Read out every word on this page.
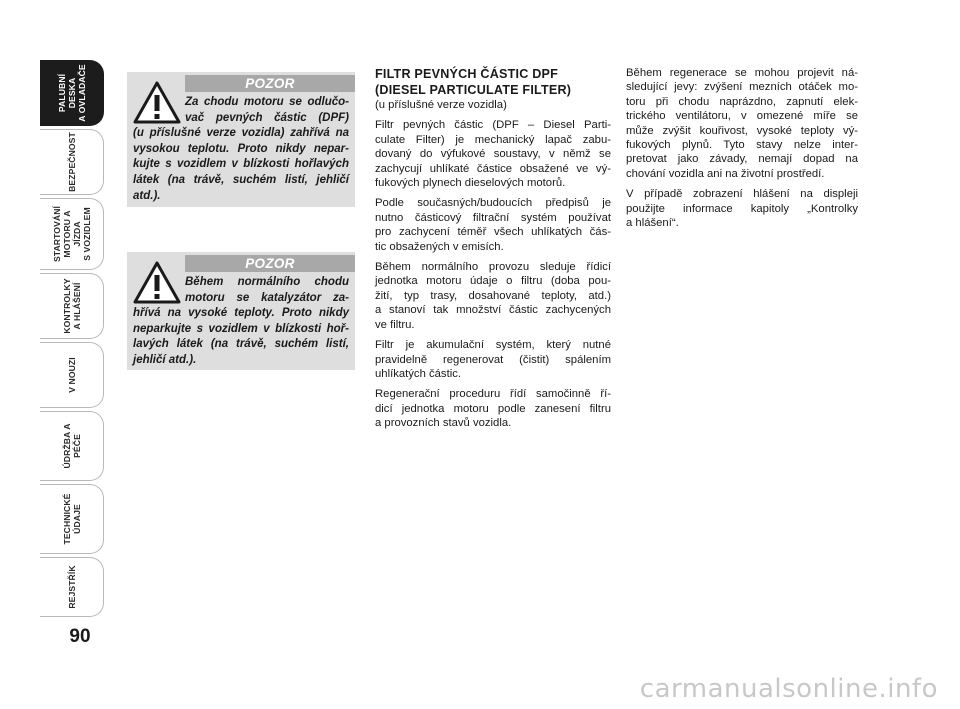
PALUBNÍ DESKA
A OVLADAČE
BEZPEČNOST
STARTOVÁNÍ
MOTORU A JÍZDA
S VOZIDLEM
KONTROLKY
A HLÁŠENÍ
V NOUZI
ÚDRŽBA A PÉČE
TECHNICKÉ ÚDAJE
REJSTŘÍK
90
POZOR
Za chodu motoru se odlučo-
vač pevných částic (DPF)
(u příslušné verze vozidla) zahřívá na
vysokou teplotu. Proto nikdy nepar-
kujte s vozidlem v blízkosti hořlavých
látek (na trávě, suchém listí, jehličí
atd.).
POZOR
Během normálního chodu
motoru se katalyzátor za-
hřívá na vysoké teploty. Proto nikdy
neparkujte s vozidlem v blízkosti hoř-
lavých látek (na trávě, suchém listí,
jehličí atd.).
FILTR PEVNÝCH ČÁSTIC DPF
(DIESEL PARTICULATE FILTER)
(u příslušné verze vozidla)
Filtr pevných částic (DPF – Diesel Parti-
culate Filter) je mechanický lapač zabu-
dovaný do výfukové soustavy, v němž se
zachycují uhlíkaté částice obsažené ve vý-
fukových plynech dieselových motorů.
Podle současných/budoucích předpisů je
nutno částicový filtrační systém používat
pro zachycení téměř všech uhlíkatých čás-
tic obsažených v emisích.
Během normálního provozu sleduje řídicí
jednotka motoru údaje o filtru (doba pou-
žití, typ trasy, dosahované teploty, atd.)
a stanoví tak množství částic zachycených
ve filtru.
Filtr je akumulační systém, který nutné
pravidelně regenerovat (čistit) spálením
uhlíkatých částic.
Regenerační proceduru řídí samočinně ří-
dicí jednotka motoru podle zanesení filtru
a provozních stavů vozidla.
Během regenerace se mohou projevit ná-
sledující jevy: zvýšení mezních otáček mo-
toru při chodu naprázdno, zapnutí elek-
trického ventilátoru, v omezené míře se
může zvýšit kouřivost, vysoké teploty vý-
fukových plynů. Tyto stavy nelze inter-
pretovat jako závady, nemají dopad na
chování vozidla ani na životní prostředí.
V případě zobrazení hlášení na displeji
použijte informace kapitoly „Kontrolky
a hlášení“.
carmanualsonline.info
